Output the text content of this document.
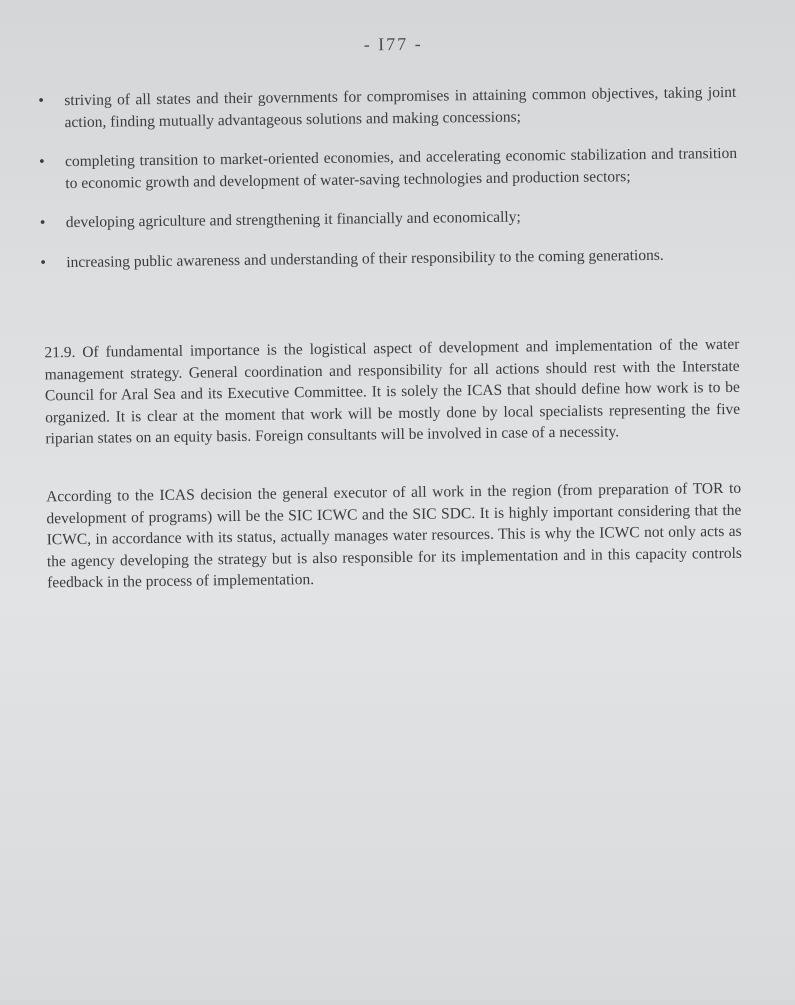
- I77 -
• striving of all states and their governments for compromises in attaining common objectives, taking joint action, finding mutually advantageous solutions and making concessions;
• completing transition to market-oriented economies, and accelerating economic stabilization and transition to economic growth and development of water-saving technologies and production sectors;
• developing agriculture and strengthening it financially and economically;
• increasing public awareness and understanding of their responsibility to the coming generations.

21.9. Of fundamental importance is the logistical aspect of development and implementation of the water management strategy. General coordination and responsibility for all actions should rest with the Interstate Council for Aral Sea and its Executive Committee. It is solely the ICAS that should define how work is to be organized. It is clear at the moment that work will be mostly done by local specialists representing the five riparian states on an equity basis. Foreign consultants will be involved in case of a necessity.

According to the ICAS decision the general executor of all work in the region (from preparation of TOR to development of programs) will be the SIC ICWC and the SIC SDC. It is highly important considering that the ICWC, in accordance with its status, actually manages water resources. This is why the ICWC not only acts as the agency developing the strategy but is also responsible for its implementation and in this capacity controls feedback in the process of implementation.
